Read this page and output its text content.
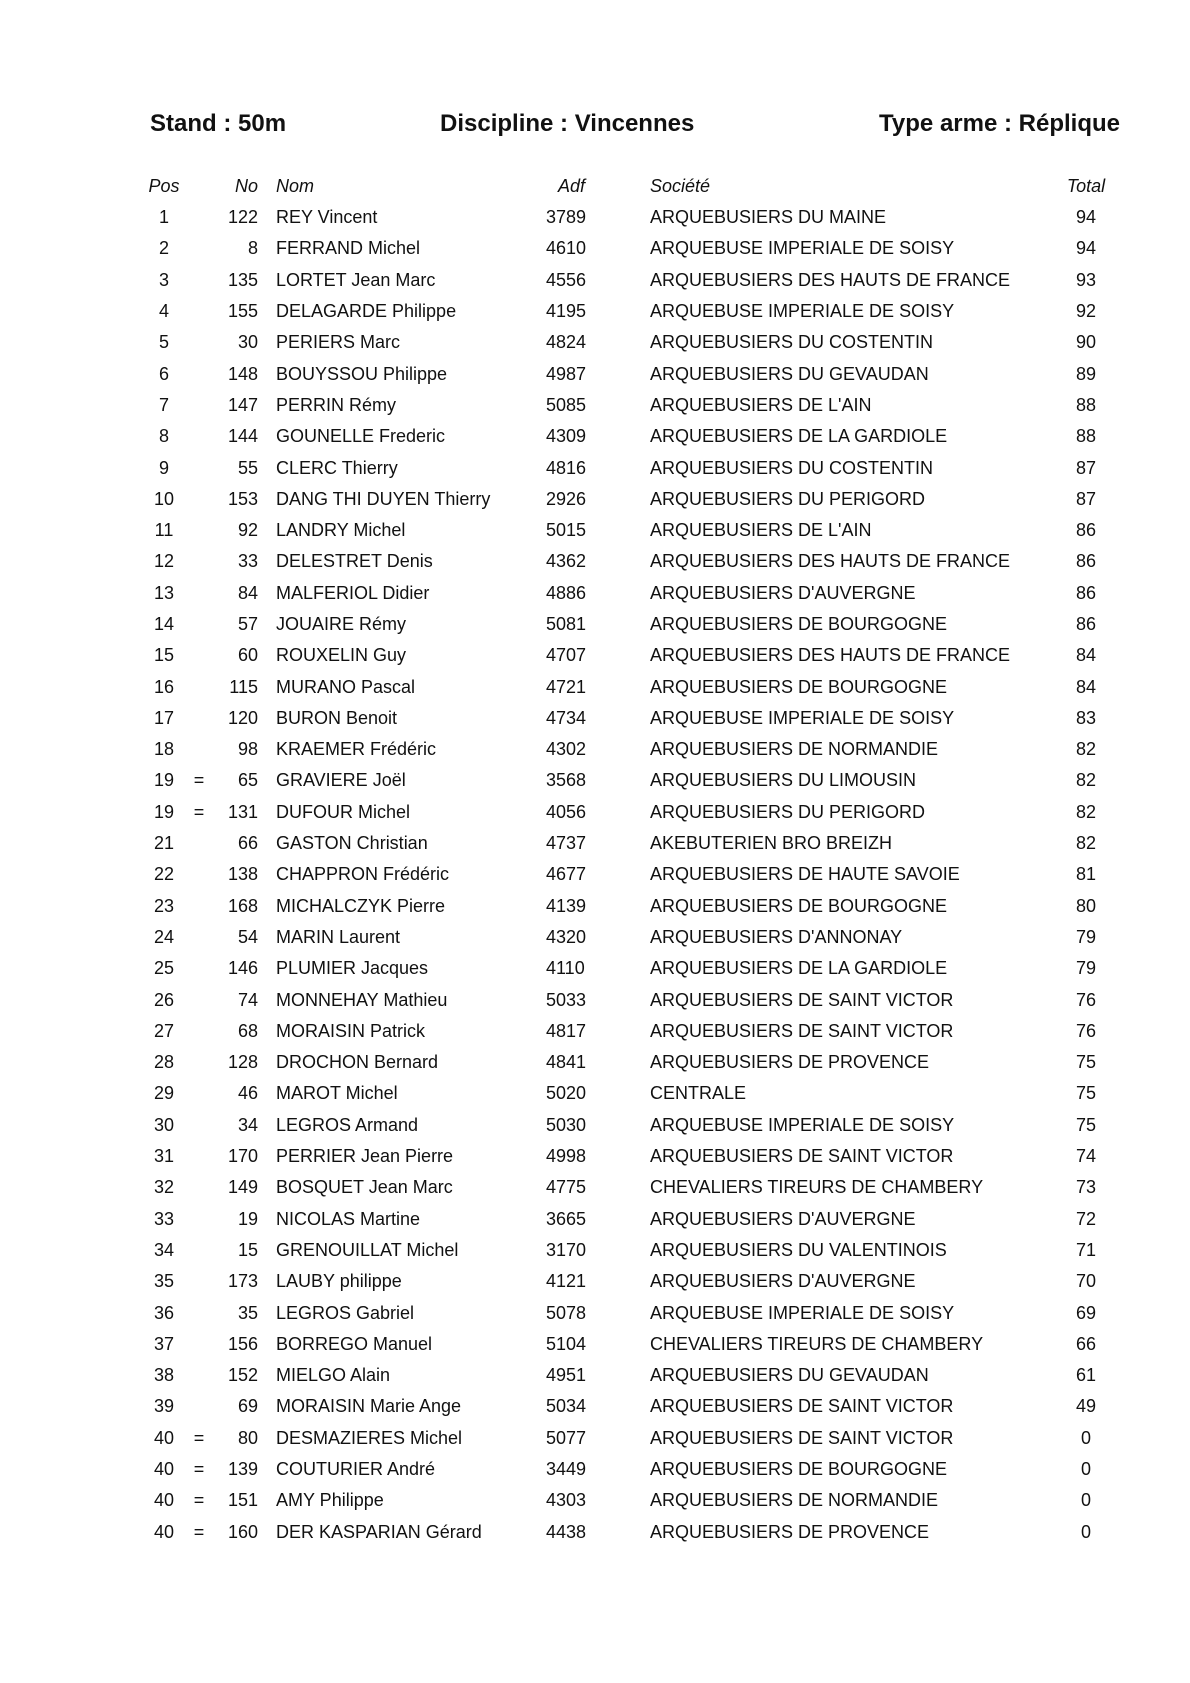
Stand : 50m	Discipline : Vincennes	Type arme : Réplique
Pos		No	Nom	Adf	Société	Total
1		122	REY Vincent	3789	ARQUEBUSIERS DU MAINE	94
2		8	FERRAND Michel	4610	ARQUEBUSE IMPERIALE DE SOISY	94
3		135	LORTET Jean Marc	4556	ARQUEBUSIERS DES HAUTS DE FRANCE	93
4		155	DELAGARDE Philippe	4195	ARQUEBUSE IMPERIALE DE SOISY	92
5		30	PERIERS Marc	4824	ARQUEBUSIERS DU COSTENTIN	90
6		148	BOUYSSOU Philippe	4987	ARQUEBUSIERS DU GEVAUDAN	89
7		147	PERRIN Rémy	5085	ARQUEBUSIERS DE L'AIN	88
8		144	GOUNELLE Frederic	4309	ARQUEBUSIERS DE LA GARDIOLE	88
9		55	CLERC Thierry	4816	ARQUEBUSIERS DU COSTENTIN	87
10		153	DANG THI DUYEN Thierry	2926	ARQUEBUSIERS DU PERIGORD	87
11		92	LANDRY Michel	5015	ARQUEBUSIERS DE L'AIN	86
12		33	DELESTRET Denis	4362	ARQUEBUSIERS DES HAUTS DE FRANCE	86
13		84	MALFERIOL Didier	4886	ARQUEBUSIERS D'AUVERGNE	86
14		57	JOUAIRE Rémy	5081	ARQUEBUSIERS DE BOURGOGNE	86
15		60	ROUXELIN Guy	4707	ARQUEBUSIERS DES HAUTS DE FRANCE	84
16		115	MURANO Pascal	4721	ARQUEBUSIERS DE BOURGOGNE	84
17		120	BURON Benoit	4734	ARQUEBUSE IMPERIALE DE SOISY	83
18		98	KRAEMER Frédéric	4302	ARQUEBUSIERS DE NORMANDIE	82
19	=	65	GRAVIERE Joël	3568	ARQUEBUSIERS DU LIMOUSIN	82
19	=	131	DUFOUR Michel	4056	ARQUEBUSIERS DU PERIGORD	82
21		66	GASTON Christian	4737	AKEBUTERIEN BRO BREIZH	82
22		138	CHAPPRON Frédéric	4677	ARQUEBUSIERS DE HAUTE SAVOIE	81
23		168	MICHALCZYK Pierre	4139	ARQUEBUSIERS DE BOURGOGNE	80
24		54	MARIN Laurent	4320	ARQUEBUSIERS D'ANNONAY	79
25		146	PLUMIER Jacques	4110	ARQUEBUSIERS DE LA GARDIOLE	79
26		74	MONNEHAY Mathieu	5033	ARQUEBUSIERS DE SAINT VICTOR	76
27		68	MORAISIN Patrick	4817	ARQUEBUSIERS DE SAINT VICTOR	76
28		128	DROCHON Bernard	4841	ARQUEBUSIERS DE PROVENCE	75
29		46	MAROT Michel	5020	CENTRALE	75
30		34	LEGROS Armand	5030	ARQUEBUSE IMPERIALE DE SOISY	75
31		170	PERRIER Jean Pierre	4998	ARQUEBUSIERS DE SAINT VICTOR	74
32		149	BOSQUET Jean Marc	4775	CHEVALIERS TIREURS DE CHAMBERY	73
33		19	NICOLAS Martine	3665	ARQUEBUSIERS D'AUVERGNE	72
34		15	GRENOUILLAT Michel	3170	ARQUEBUSIERS DU VALENTINOIS	71
35		173	LAUBY philippe	4121	ARQUEBUSIERS D'AUVERGNE	70
36		35	LEGROS Gabriel	5078	ARQUEBUSE IMPERIALE DE SOISY	69
37		156	BORREGO Manuel	5104	CHEVALIERS TIREURS DE CHAMBERY	66
38		152	MIELGO Alain	4951	ARQUEBUSIERS DU GEVAUDAN	61
39		69	MORAISIN Marie Ange	5034	ARQUEBUSIERS DE SAINT VICTOR	49
40	=	80	DESMAZIERES Michel	5077	ARQUEBUSIERS DE SAINT VICTOR	0
40	=	139	COUTURIER André	3449	ARQUEBUSIERS DE BOURGOGNE	0
40	=	151	AMY Philippe	4303	ARQUEBUSIERS DE NORMANDIE	0
40	=	160	DER KASPARIAN Gérard	4438	ARQUEBUSIERS DE PROVENCE	0
